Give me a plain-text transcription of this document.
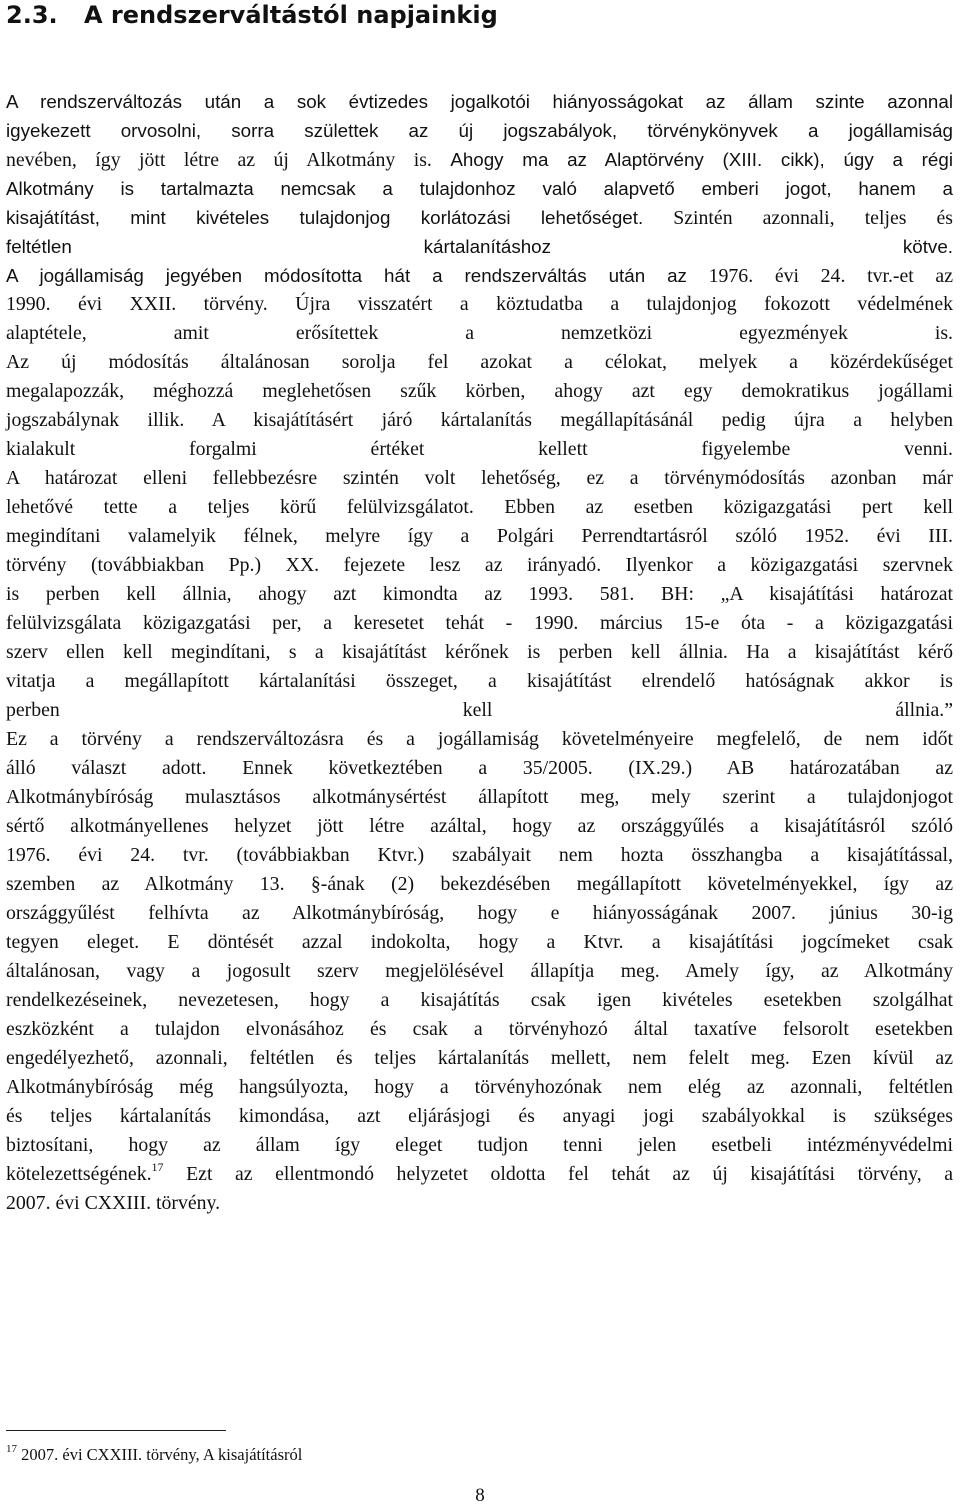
2.3. A rendszerváltástól napjainkig
A rendszerváltozás után a sok évtizedes jogalkotói hiányosságokat az állam szinte azonnal
igyekezett orvosolni, sorra születtek az új jogszabályok, törvénykönyvek a jogállamiság
nevében, így jött létre az új Alkotmány is. Ahogy ma az Alaptörvény (XIII. cikk), úgy a régi
Alkotmány is tartalmazta nemcsak a tulajdonhoz való alapvető emberi jogot, hanem a
kisajátítást, mint kivételes tulajdonjog korlátozási lehetőséget. Szintén azonnali, teljes és
feltétlen kártalanításhoz kötve.
A jogállamiság jegyében módosította hát a rendszerváltás után az 1976. évi 24. tvr.-et az
1990. évi XXII. törvény. Újra visszatért a köztudatba a tulajdonjog fokozott védelmének
alaptétele, amit erősítettek a nemzetközi egyezmények is.
Az új módosítás általánosan sorolja fel azokat a célokat, melyek a közérdekűséget
megalapozzák, méghozzá meglehetősen szűk körben, ahogy azt egy demokratikus jogállami
jogszabálynak illik. A kisajátításért járó kártalanítás megállapításánál pedig újra a helyben
kialakult forgalmi értéket kellett figyelembe venni.
A határozat elleni fellebbezésre szintén volt lehetőség, ez a törvénymódosítás azonban már
lehetővé tette a teljes körű felülvizsgálatot. Ebben az esetben közigazgatási pert kell
megindítani valamelyik félnek, melyre így a Polgári Perrendtartásról szóló 1952. évi III.
törvény (továbbiakban Pp.) XX. fejezete lesz az irányadó. Ilyenkor a közigazgatási szervnek
is perben kell állnia, ahogy azt kimondta az 1993. 581. BH: „A kisajátítási határozat
felülvizsgálata közigazgatási per, a keresetet tehát - 1990. március 15-e óta - a közigazgatási
szerv ellen kell megindítani, s a kisajátítást kérőnek is perben kell állnia. Ha a kisajátítást kérő
vitatja a megállapított kártalanítási összeget, a kisajátítást elrendelő hatóságnak akkor is
perben kell állnia.”
Ez a törvény a rendszerváltozásra és a jogállamiság követelményeire megfelelő, de nem időt
álló választ adott. Ennek következtében a 35/2005. (IX.29.) AB határozatában az
Alkotmánybíróság mulasztásos alkotmánysértést állapított meg, mely szerint a tulajdonjogot
sértő alkotmányellenes helyzet jött létre azáltal, hogy az országgyűlés a kisajátításról szóló
1976. évi 24. tvr. (továbbiakban Ktvr.) szabályait nem hozta összhangba a kisajátítással,
szemben az Alkotmány 13. §-ának (2) bekezdésében megállapított követelményekkel, így az
országgyűlést felhívta az Alkotmánybíróság, hogy e hiányosságának 2007. június 30-ig
tegyen eleget. E döntését azzal indokolta, hogy a Ktvr. a kisajátítási jogcímeket csak
általánosan, vagy a jogosult szerv megjelölésével állapítja meg. Amely így, az Alkotmány
rendelkezéseinek, nevezetesen, hogy a kisajátítás csak igen kivételes esetekben szolgálhat
eszközként a tulajdon elvonásához és csak a törvényhozó által taxatíve felsorolt esetekben
engedélyezhető, azonnali, feltétlen és teljes kártalanítás mellett, nem felelt meg. Ezen kívül az
Alkotmánybíróság még hangsúlyozta, hogy a törvényhozónak nem elég az azonnali, feltétlen
és teljes kártalanítás kimondása, azt eljárásjogi és anyagi jogi szabályokkal is szükséges
biztosítani, hogy az állam így eleget tudjon tenni jelen esetbeli intézményvédelmi
kötelezettségének.$^{17}$ Ezt az ellentmondó helyzetet oldotta fel tehát az új kisajátítási törvény, a
2007. évi CXXIII. törvény.
$^{17}$ 2007. évi CXXIII. törvény, A kisajátításról
8
